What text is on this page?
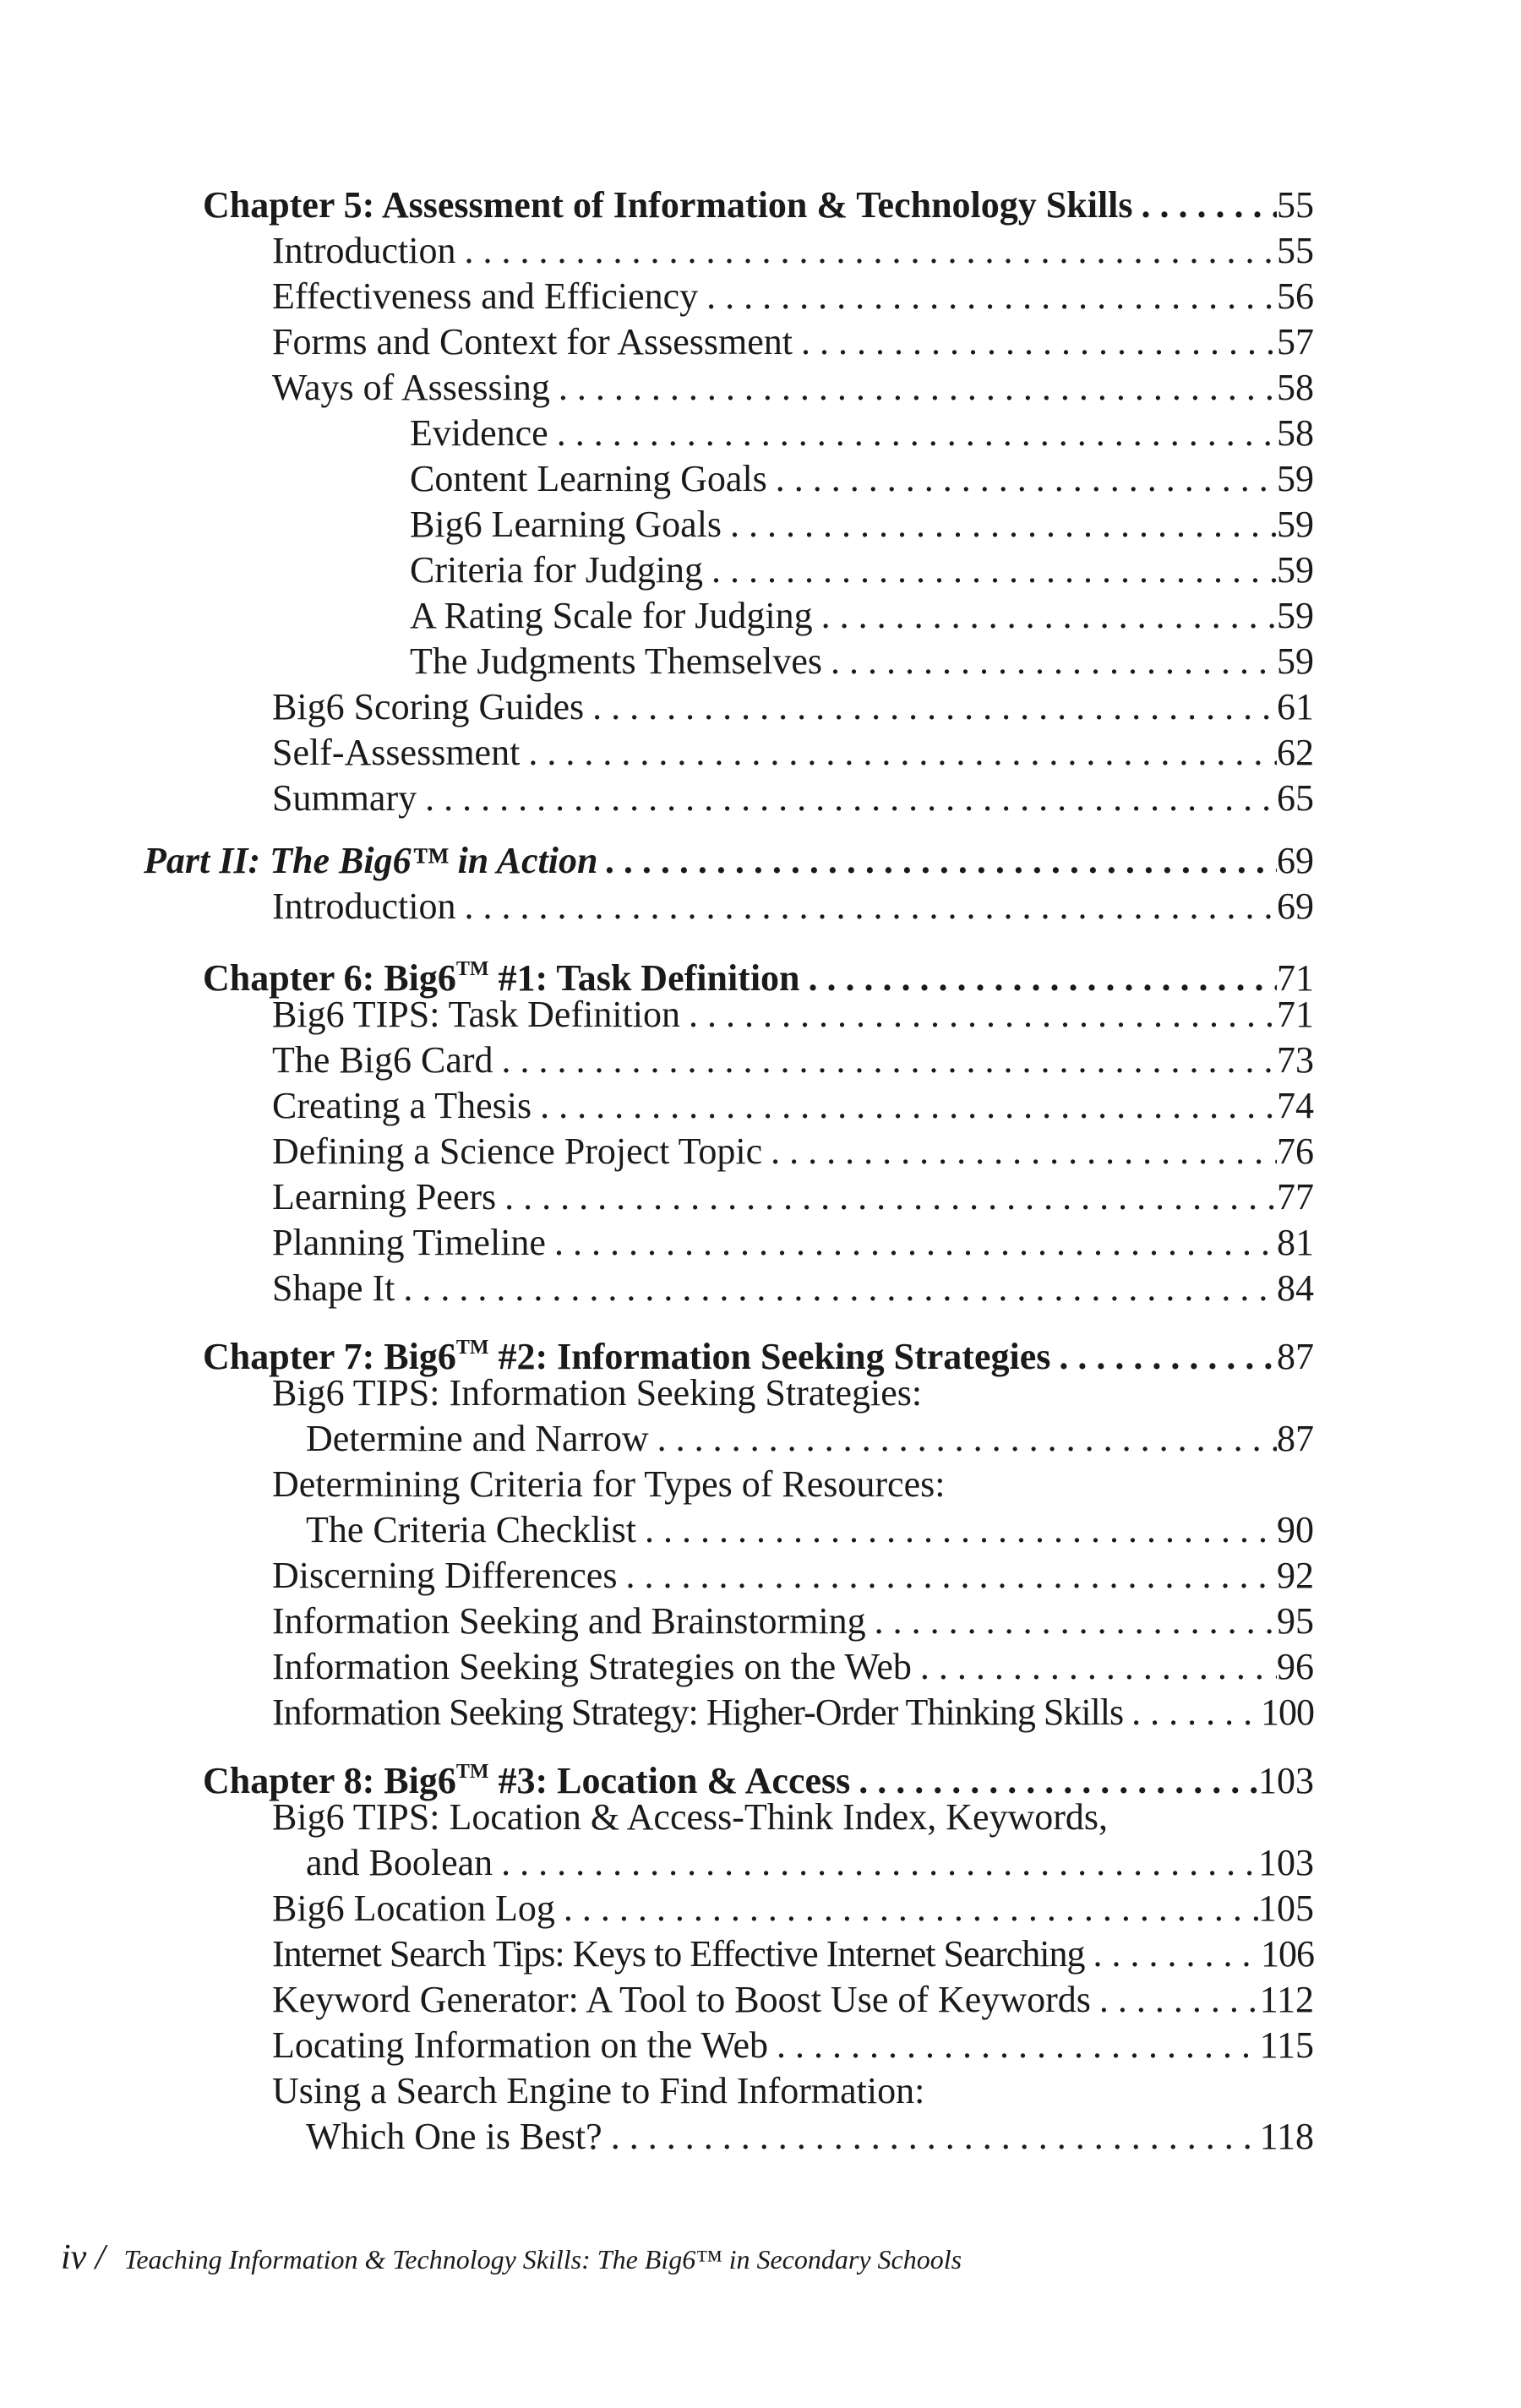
Chapter 5: Assessment of Information & Technology Skills . . .	55
Introduction . . .	55
Effectiveness and Efficiency . . .	56
Forms and Context for Assessment . . .	57
Ways of Assessing . . .	58
Evidence . . .	58
Content Learning Goals . . .	59
Big6 Learning Goals . . .	59
Criteria for Judging . . .	59
A Rating Scale for Judging . . .	59
The Judgments Themselves . . .	59
Big6 Scoring Guides . . .	61
Self-Assessment . . .	62
Summary . . .	65
Part II: The Big6™ in Action . . .	69
Introduction . . .	69
Chapter 6: Big6™ #1: Task Definition . . .	71
Big6 TIPS: Task Definition . . .	71
The Big6 Card . . .	73
Creating a Thesis . . .	74
Defining a Science Project Topic . . .	76
Learning Peers . . .	77
Planning Timeline . . .	81
Shape It . . .	84
Chapter 7: Big6™ #2: Information Seeking Strategies . . .	87
Big6 TIPS: Information Seeking Strategies:
Determine and Narrow . . .	87
Determining Criteria for Types of Resources:
The Criteria Checklist . . .	90
Discerning Differences . . .	92
Information Seeking and Brainstorming . . .	95
Information Seeking Strategies on the Web . . .	96
Information Seeking Strategy: Higher-Order Thinking Skills . . .	100
Chapter 8: Big6™ #3: Location & Access . . .	103
Big6 TIPS: Location & Access-Think Index, Keywords,
and Boolean . . .	103
Big6 Location Log . . .	105
Internet Search Tips: Keys to Effective Internet Searching . . .	106
Keyword Generator: A Tool to Boost Use of Keywords . . .	112
Locating Information on the Web . . .	115
Using a Search Engine to Find Information:
Which One is Best? . . .	118
iv / Teaching Information & Technology Skills: The Big6™ in Secondary Schools
